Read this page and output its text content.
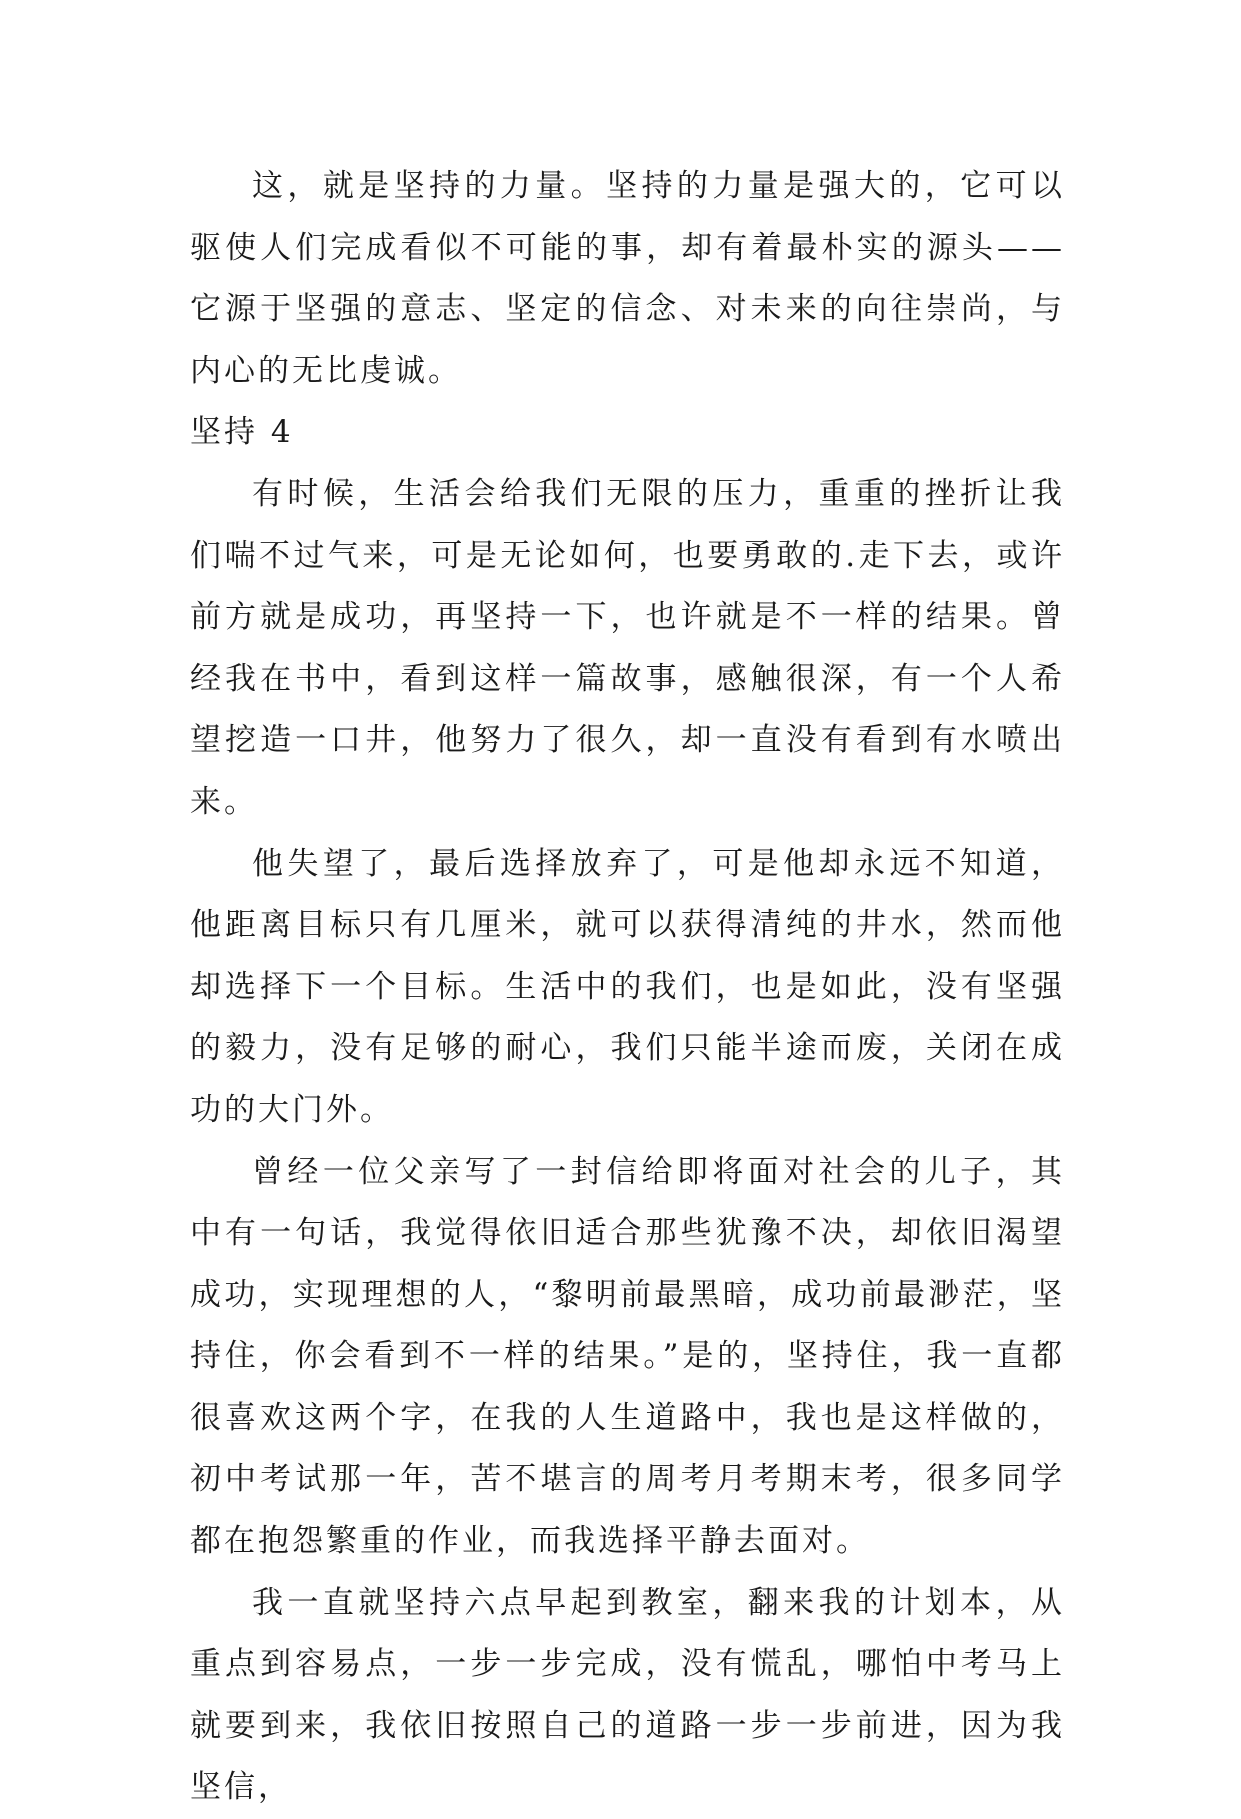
这，就是坚持的力量。坚持的力量是强大的，它可以驱使人们完成看似不可能的事，却有着最朴实的源头——它源于坚强的意志、坚定的信念、对未来的向往崇尚，与内心的无比虔诚。

坚持 4

有时候，生活会给我们无限的压力，重重的挫折让我们喘不过气来，可是无论如何，也要勇敢的.走下去，或许前方就是成功，再坚持一下，也许就是不一样的结果。曾经我在书中，看到这样一篇故事，感触很深，有一个人希望挖造一口井，他努力了很久，却一直没有看到有水喷出来。

他失望了，最后选择放弃了，可是他却永远不知道，他距离目标只有几厘米，就可以获得清纯的井水，然而他却选择下一个目标。生活中的我们，也是如此，没有坚强的毅力，没有足够的耐心，我们只能半途而废，关闭在成功的大门外。

曾经一位父亲写了一封信给即将面对社会的儿子，其中有一句话，我觉得依旧适合那些犹豫不决，却依旧渴望成功，实现理想的人，“黎明前最黑暗，成功前最渺茫，坚持住，你会看到不一样的结果。”是的，坚持住，我一直都很喜欢这两个字，在我的人生道路中，我也是这样做的，初中考试那一年，苦不堪言的周考月考期末考，很多同学都在抱怨繁重的作业，而我选择平静去面对。

我一直就坚持六点早起到教室，翻来我的计划本，从重点到容易点，一步一步完成，没有慌乱，哪怕中考马上就要到来，我依旧按照自己的道路一步一步前进，因为我坚信，
